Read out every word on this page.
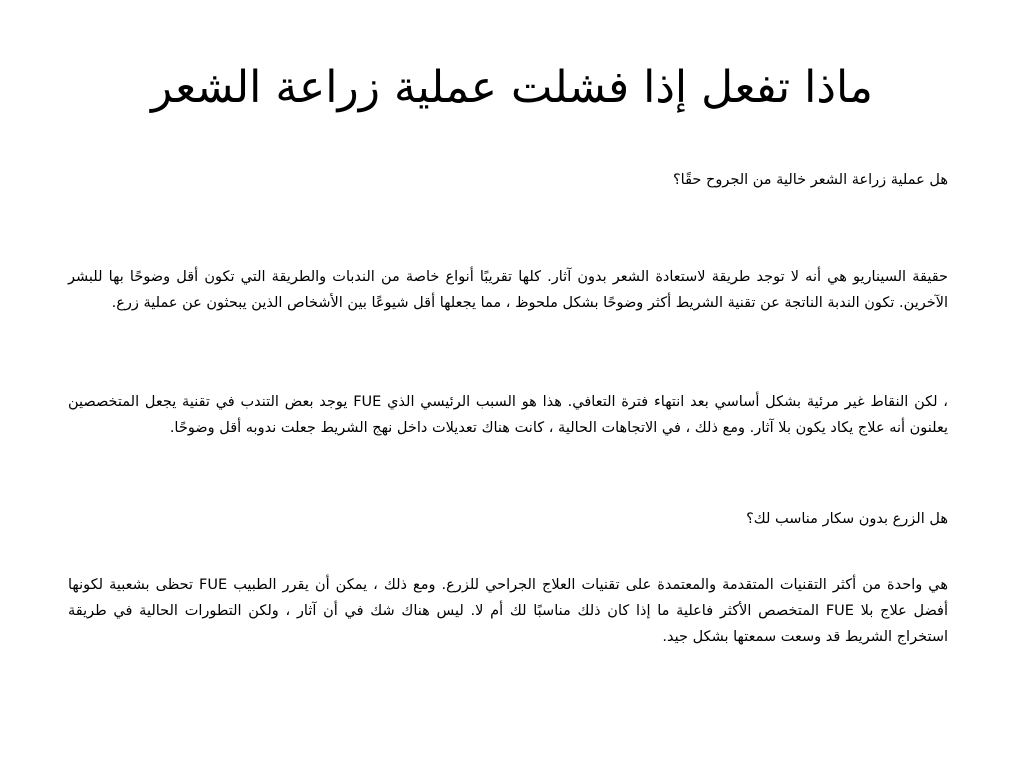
ماذا تفعل إذا فشلت عملية زراعة الشعر

هل عملية زراعة الشعر خالية من الجروح حقًا؟

حقيقة السيناريو هي أنه لا توجد طريقة لاستعادة الشعر بدون آثار. كلها تقريبًا أنواع خاصة من الندبات والطريقة التي تكون أقل وضوحًا بها للبشر الآخرين. تكون الندبة الناتجة عن تقنية الشريط أكثر وضوحًا بشكل ملحوظ ، مما يجعلها أقل شيوعًا بين الأشخاص الذين يبحثون عن عملية زرع.

، لكن النقاط غير مرئية بشكل أساسي بعد انتهاء فترة التعافي. هذا هو السبب الرئيسي الذي FUE يوجد بعض التندب في تقنية يجعل المتخصصين يعلنون أنه علاج يكاد يكون بلا آثار. ومع ذلك ، في الاتجاهات الحالية ، كانت هناك تعديلات داخل نهج الشريط جعلت ندوبه أقل وضوحًا.

هل الزرع بدون سكار مناسب لك؟

هي واحدة من أكثر التقنيات المتقدمة والمعتمدة على تقنيات العلاج الجراحي للزرع. ومع ذلك ، يمكن أن يقرر الطبيب FUE تحظى بشعبية لكونها أفضل علاج بلا FUE المتخصص الأكثر فاعلية ما إذا كان ذلك مناسبًا لك أم لا. ليس هناك شك في أن آثار ، ولكن التطورات الحالية في طريقة استخراج الشريط قد وسعت سمعتها بشكل جيد.
